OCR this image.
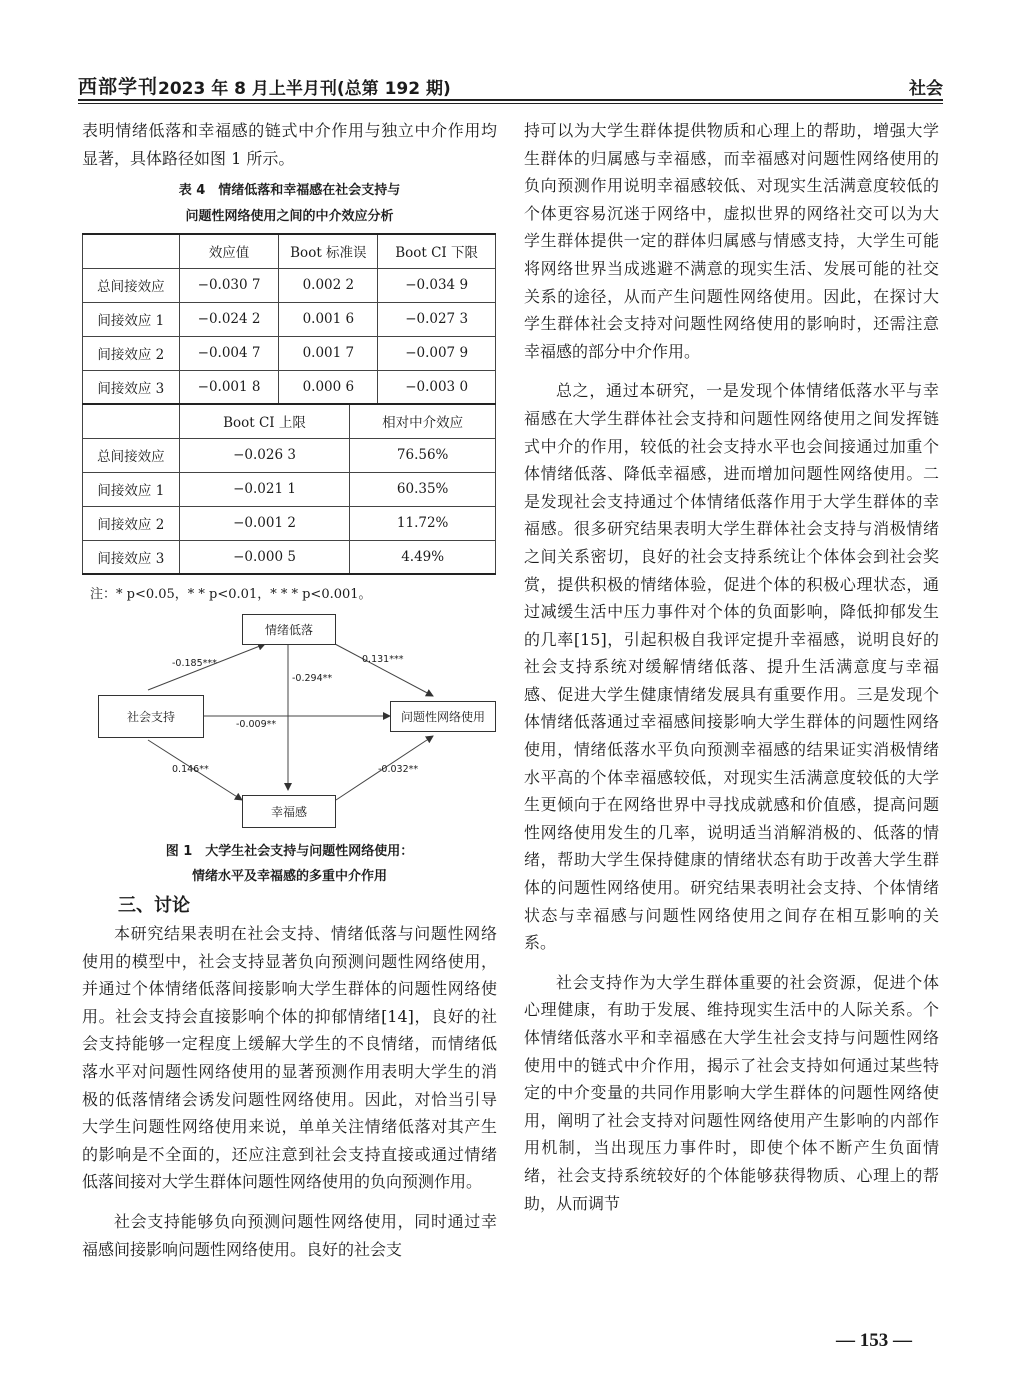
西部学刊 2023 年 8 月上半月刊(总第 192 期)	社会

表明情绪低落和幸福感的链式中介作用与独立中介作用均显著，具体路径如图 1 所示。

表 4　情绪低落和幸福感在社会支持与
问题性网络使用之间的中介效应分析
	效应值	Boot 标准误	Boot CI 下限
总间接效应	−0.030 7	0.002 2	−0.034 9
间接效应 1	−0.024 2	0.001 6	−0.027 3
间接效应 2	−0.004 7	0.001 7	−0.007 9
间接效应 3	−0.001 8	0.000 6	−0.003 0
	Boot CI 上限	相对中介效应
总间接效应	−0.026 3	76.56%
间接效应 1	−0.021 1	60.35%
间接效应 2	−0.001 2	11.72%
间接效应 3	−0.000 5	4.49%
注：* p<0.05，* * p<0.01，* * * p<0.001。
情绪低落
社会支持	问题性网络使用
幸福感
-0.185***	0.131***
-0.294**
-0.009**
0.146**	-0.032**
图 1　大学生社会支持与问题性网络使用：
情绪水平及幸福感的多重中介作用
三、讨论

本研究结果表明在社会支持、情绪低落与问题性网络使用的模型中，社会支持显著负向预测问题性网络使用，并通过个体情绪低落间接影响大学生群体的问题性网络使用。社会支持会直接影响个体的抑郁情绪[14]，良好的社会支持能够一定程度上缓解大学生的不良情绪，而情绪低落水平对问题性网络使用的显著预测作用表明大学生的消极的低落情绪会诱发问题性网络使用。因此，对恰当引导大学生问题性网络使用来说，单单关注情绪低落对其产生的影响是不全面的，还应注意到社会支持直接或通过情绪低落间接对大学生群体问题性网络使用的负向预测作用。

社会支持能够负向预测问题性网络使用，同时通过幸福感间接影响问题性网络使用。良好的社会支

持可以为大学生群体提供物质和心理上的帮助，增强大学生群体的归属感与幸福感，而幸福感对问题性网络使用的负向预测作用说明幸福感较低、对现实生活满意度较低的个体更容易沉迷于网络中，虚拟世界的网络社交可以为大学生群体提供一定的群体归属感与情感支持，大学生可能将网络世界当成逃避不满意的现实生活、发展可能的社交关系的途径，从而产生问题性网络使用。因此，在探讨大学生群体社会支持对问题性网络使用的影响时，还需注意幸福感的部分中介作用。

总之，通过本研究，一是发现个体情绪低落水平与幸福感在大学生群体社会支持和问题性网络使用之间发挥链式中介的作用，较低的社会支持水平也会间接通过加重个体情绪低落、降低幸福感，进而增加问题性网络使用。二是发现社会支持通过个体情绪低落作用于大学生群体的幸福感。很多研究结果表明大学生群体社会支持与消极情绪之间关系密切，良好的社会支持系统让个体体会到社会奖赏，提供积极的情绪体验，促进个体的积极心理状态，通过减缓生活中压力事件对个体的负面影响，降低抑郁发生的几率[15]，引起积极自我评定提升幸福感，说明良好的社会支持系统对缓解情绪低落、提升生活满意度与幸福感、促进大学生健康情绪发展具有重要作用。三是发现个体情绪低落通过幸福感间接影响大学生群体的问题性网络使用，情绪低落水平负向预测幸福感的结果证实消极情绪水平高的个体幸福感较低，对现实生活满意度较低的大学生更倾向于在网络世界中寻找成就感和价值感，提高问题性网络使用发生的几率，说明适当消解消极的、低落的情绪，帮助大学生保持健康的情绪状态有助于改善大学生群体的问题性网络使用。研究结果表明社会支持、个体情绪状态与幸福感与问题性网络使用之间存在相互影响的关系。

社会支持作为大学生群体重要的社会资源，促进个体心理健康，有助于发展、维持现实生活中的人际关系。个体情绪低落水平和幸福感在大学生社会支持与问题性网络使用中的链式中介作用，揭示了社会支持如何通过某些特定的中介变量的共同作用影响大学生群体的问题性网络使用，阐明了社会支持对问题性网络使用产生影响的内部作用机制，当出现压力事件时，即使个体不断产生负面情绪，社会支持系统较好的个体能够获得物质、心理上的帮助，从而调节

— 153 —
